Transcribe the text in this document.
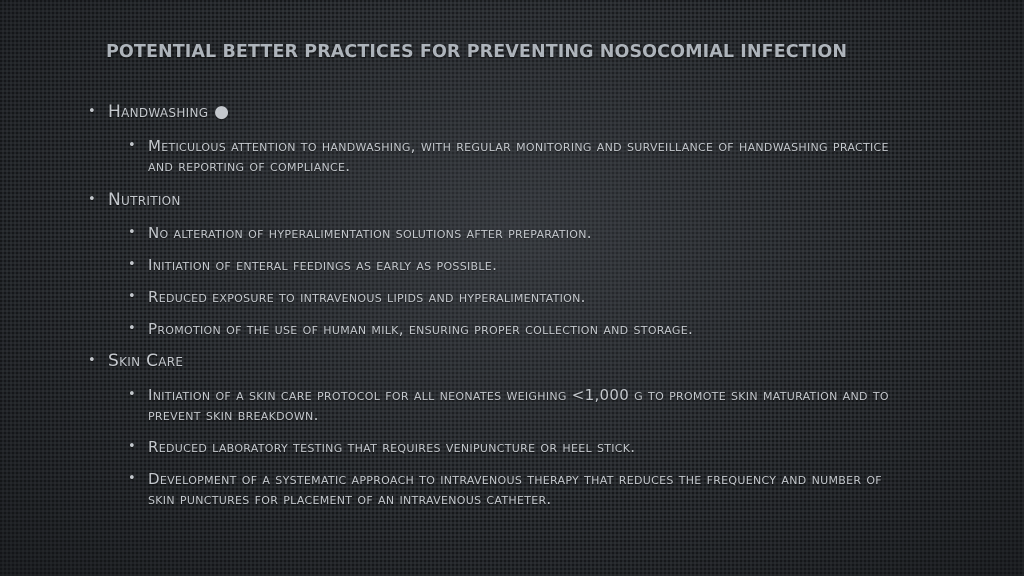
POTENTIAL BETTER PRACTICES FOR PREVENTING NOSOCOMIAL INFECTION
• Handwashing ●
• Meticulous attention to handwashing, with regular monitoring and surveillance of handwashing practice and reporting of compliance.
• Nutrition
• No alteration of hyperalimentation solutions after preparation.
• Initiation of enteral feedings as early as possible.
• Reduced exposure to intravenous lipids and hyperalimentation.
• Promotion of the use of human milk, ensuring proper collection and storage.
• Skin Care
• Initiation of a skin care protocol for all neonates weighing <1,000 g to promote skin maturation and to prevent skin breakdown.
• Reduced laboratory testing that requires venipuncture or heel stick.
• Development of a systematic approach to intravenous therapy that reduces the frequency and number of skin punctures for placement of an intravenous catheter.
